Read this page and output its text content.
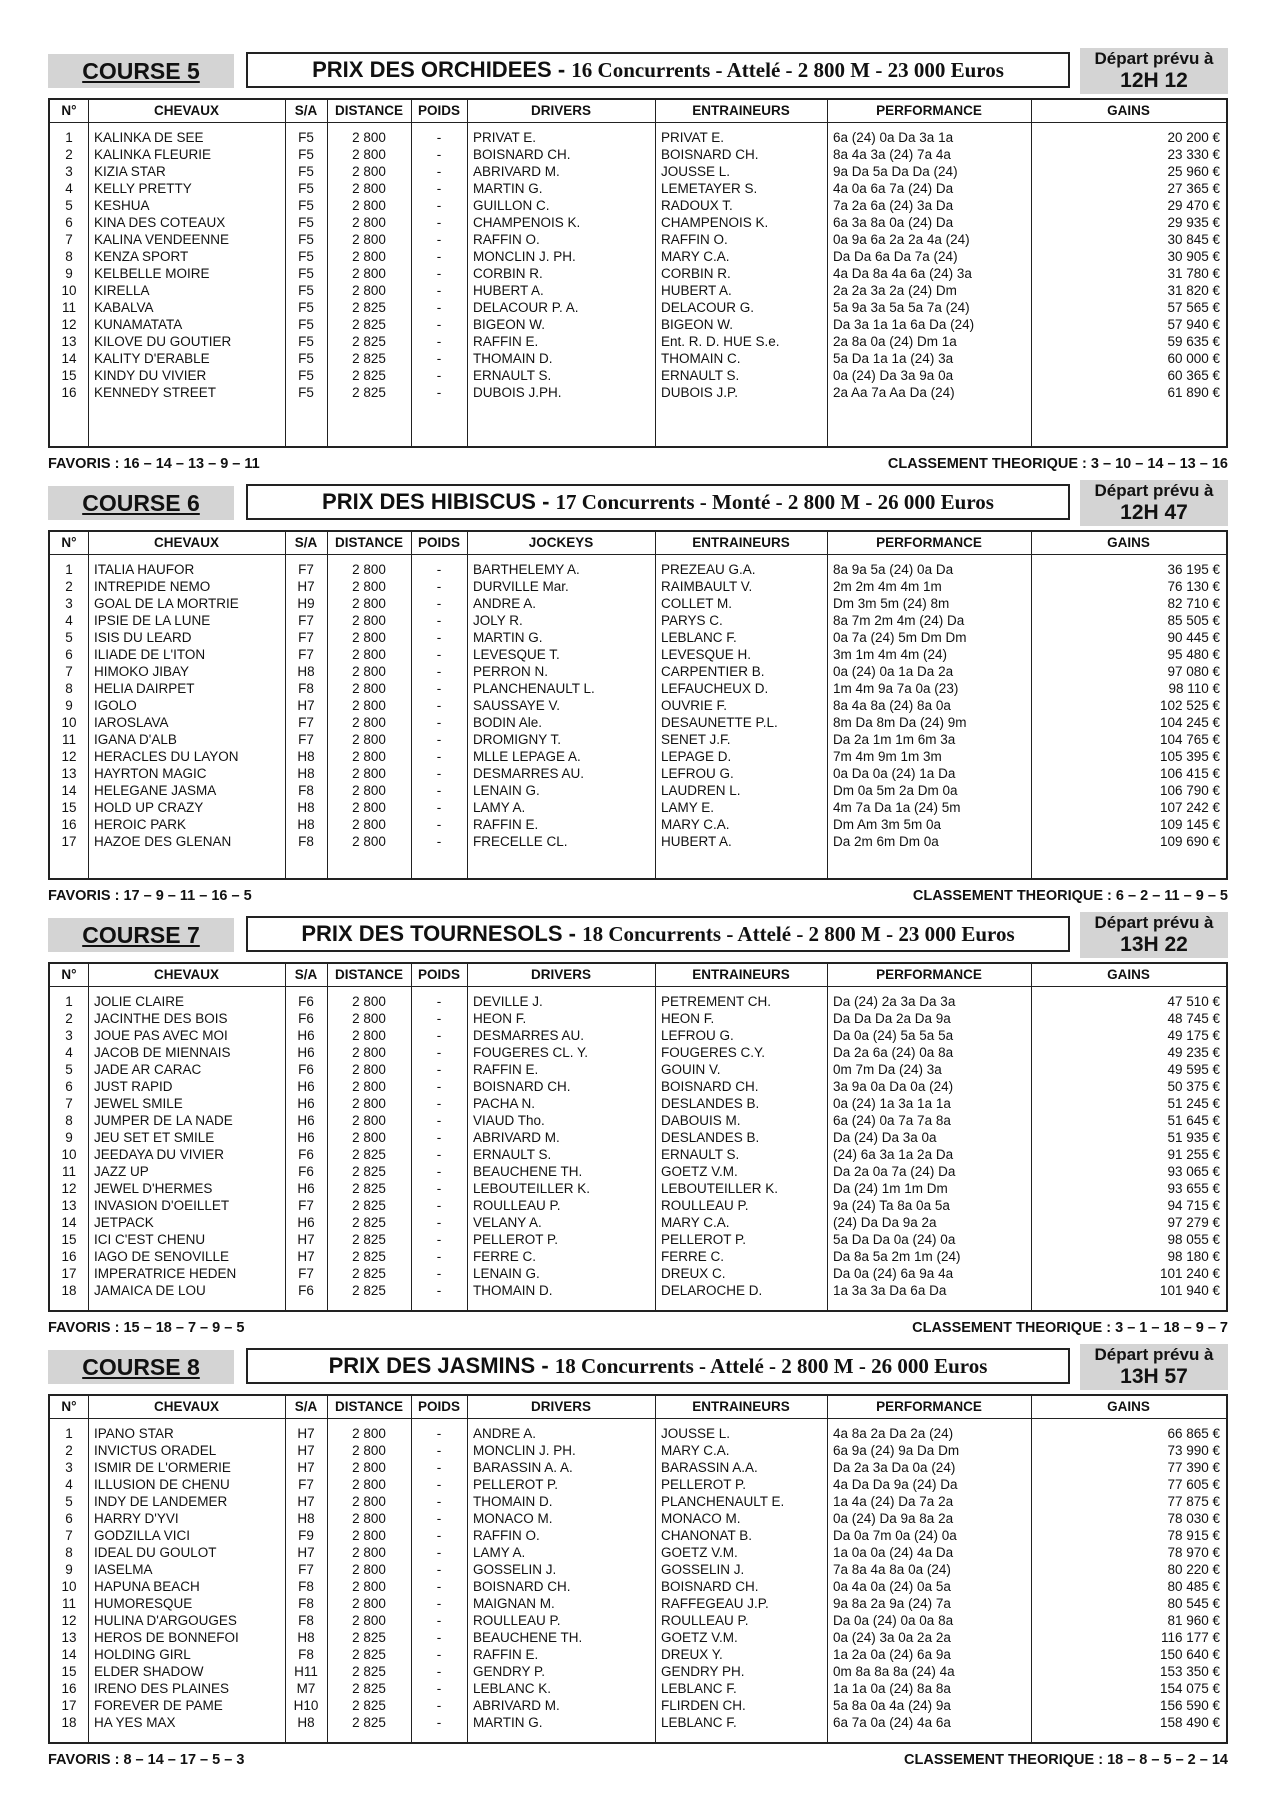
COURSE 5	PRIX DES ORCHIDEES - 16 Concurrents - Attelé - 2 800 M - 23 000 Euros	Départ prévu à
12H 12
N°	CHEVAUX	S/A	DISTANCE	POIDS	DRIVERS	ENTRAINEURS	PERFORMANCE	GAINS
1	KALINKA DE SEE	F5	2 800	-	PRIVAT E.	PRIVAT E.	6a (24) 0a Da 3a 1a	20 200 €
2	KALINKA FLEURIE	F5	2 800	-	BOISNARD CH.	BOISNARD CH.	8a 4a 3a (24) 7a 4a	23 330 €
3	KIZIA STAR	F5	2 800	-	ABRIVARD M.	JOUSSE L.	9a Da 5a Da Da (24)	25 960 €
4	KELLY PRETTY	F5	2 800	-	MARTIN G.	LEMETAYER S.	4a 0a 6a 7a (24) Da	27 365 €
5	KESHUA	F5	2 800	-	GUILLON C.	RADOUX T.	7a 2a 6a (24) 3a Da	29 470 €
6	KINA DES COTEAUX	F5	2 800	-	CHAMPENOIS K.	CHAMPENOIS K.	6a 3a 8a 0a (24) Da	29 935 €
7	KALINA VENDEENNE	F5	2 800	-	RAFFIN O.	RAFFIN O.	0a 9a 6a 2a 2a 4a (24)	30 845 €
8	KENZA SPORT	F5	2 800	-	MONCLIN J. PH.	MARY C.A.	Da Da 6a Da 7a (24)	30 905 €
9	KELBELLE MOIRE	F5	2 800	-	CORBIN R.	CORBIN R.	4a Da 8a 4a 6a (24) 3a	31 780 €
10	KIRELLA	F5	2 800	-	HUBERT A.	HUBERT A.	2a 2a 3a 2a (24) Dm	31 820 €
11	KABALVA	F5	2 825	-	DELACOUR P. A.	DELACOUR G.	5a 9a 3a 5a 5a 7a (24)	57 565 €
12	KUNAMATATA	F5	2 825	-	BIGEON W.	BIGEON W.	Da 3a 1a 1a 6a Da (24)	57 940 €
13	KILOVE DU GOUTIER	F5	2 825	-	RAFFIN E.	Ent. R. D. HUE S.e.	2a 8a 0a (24) Dm 1a	59 635 €
14	KALITY D'ERABLE	F5	2 825	-	THOMAIN D.	THOMAIN C.	5a Da 1a 1a (24) 3a	60 000 €
15	KINDY DU VIVIER	F5	2 825	-	ERNAULT S.	ERNAULT S.	0a (24) Da 3a 9a 0a	60 365 €
16	KENNEDY STREET	F5	2 825	-	DUBOIS J.PH.	DUBOIS J.P.	2a Aa 7a Aa Da (24)	61 890 €
FAVORIS : 16 – 14 – 13 – 9 – 11	CLASSEMENT THEORIQUE : 3 – 10 – 14 – 13 – 16
COURSE 6	PRIX DES HIBISCUS - 17 Concurrents - Monté - 2 800 M - 26 000 Euros	Départ prévu à
12H 47
N°	CHEVAUX	S/A	DISTANCE	POIDS	JOCKEYS	ENTRAINEURS	PERFORMANCE	GAINS
1	ITALIA HAUFOR	F7	2 800	-	BARTHELEMY A.	PREZEAU G.A.	8a 9a 5a (24) 0a Da	36 195 €
2	INTREPIDE NEMO	H7	2 800	-	DURVILLE Mar.	RAIMBAULT V.	2m 2m 4m 4m 1m	76 130 €
3	GOAL DE LA MORTRIE	H9	2 800	-	ANDRE A.	COLLET M.	Dm 3m 5m (24) 8m	82 710 €
4	IPSIE DE LA LUNE	F7	2 800	-	JOLY R.	PARYS C.	8a 7m 2m 4m (24) Da	85 505 €
5	ISIS DU LEARD	F7	2 800	-	MARTIN G.	LEBLANC F.	0a 7a (24) 5m Dm Dm	90 445 €
6	ILIADE DE L'ITON	F7	2 800	-	LEVESQUE T.	LEVESQUE H.	3m 1m 4m 4m (24)	95 480 €
7	HIMOKO JIBAY	H8	2 800	-	PERRON N.	CARPENTIER B.	0a (24) 0a 1a Da 2a	97 080 €
8	HELIA DAIRPET	F8	2 800	-	PLANCHENAULT L.	LEFAUCHEUX D.	1m 4m 9a 7a 0a (23)	98 110 €
9	IGOLO	H7	2 800	-	SAUSSAYE V.	OUVRIE F.	8a 4a 8a (24) 8a 0a	102 525 €
10	IAROSLAVA	F7	2 800	-	BODIN Ale.	DESAUNETTE P.L.	8m Da 8m Da (24) 9m	104 245 €
11	IGANA D'ALB	F7	2 800	-	DROMIGNY T.	SENET J.F.	Da 2a 1m 1m 6m 3a	104 765 €
12	HERACLES DU LAYON	H8	2 800	-	MLLE LEPAGE A.	LEPAGE D.	7m 4m 9m 1m 3m	105 395 €
13	HAYRTON MAGIC	H8	2 800	-	DESMARRES AU.	LEFROU G.	0a Da 0a (24) 1a Da	106 415 €
14	HELEGANE JASMA	F8	2 800	-	LENAIN G.	LAUDREN L.	Dm 0a 5m 2a Dm 0a	106 790 €
15	HOLD UP CRAZY	H8	2 800	-	LAMY A.	LAMY E.	4m 7a Da 1a (24) 5m	107 242 €
16	HEROIC PARK	H8	2 800	-	RAFFIN E.	MARY C.A.	Dm Am 3m 5m 0a	109 145 €
17	HAZOE DES GLENAN	F8	2 800	-	FRECELLE CL.	HUBERT A.	Da 2m 6m Dm 0a	109 690 €
FAVORIS : 17 – 9 – 11 – 16 – 5	CLASSEMENT THEORIQUE : 6 – 2 – 11 – 9 – 5
COURSE 7	PRIX DES TOURNESOLS - 18 Concurrents - Attelé - 2 800 M - 23 000 Euros	Départ prévu à
13H 22
N°	CHEVAUX	S/A	DISTANCE	POIDS	DRIVERS	ENTRAINEURS	PERFORMANCE	GAINS
1	JOLIE CLAIRE	F6	2 800	-	DEVILLE J.	PETREMENT CH.	Da (24) 2a 3a Da 3a	47 510 €
2	JACINTHE DES BOIS	F6	2 800	-	HEON F.	HEON F.	Da Da Da 2a Da 9a	48 745 €
3	JOUE PAS AVEC MOI	H6	2 800	-	DESMARRES AU.	LEFROU G.	Da 0a (24) 5a 5a 5a	49 175 €
4	JACOB DE MIENNAIS	H6	2 800	-	FOUGERES CL. Y.	FOUGERES C.Y.	Da 2a 6a (24) 0a 8a	49 235 €
5	JADE AR CARAC	F6	2 800	-	RAFFIN E.	GOUIN V.	0m 7m Da (24) 3a	49 595 €
6	JUST RAPID	H6	2 800	-	BOISNARD CH.	BOISNARD CH.	3a 9a 0a Da 0a (24)	50 375 €
7	JEWEL SMILE	H6	2 800	-	PACHA N.	DESLANDES B.	0a (24) 1a 3a 1a 1a	51 245 €
8	JUMPER DE LA NADE	H6	2 800	-	VIAUD Tho.	DABOUIS M.	6a (24) 0a 7a 7a 8a	51 645 €
9	JEU SET ET SMILE	H6	2 800	-	ABRIVARD M.	DESLANDES B.	Da (24) Da 3a 0a	51 935 €
10	JEEDAYA DU VIVIER	F6	2 825	-	ERNAULT S.	ERNAULT S.	(24) 6a 3a 1a 2a Da	91 255 €
11	JAZZ UP	F6	2 825	-	BEAUCHENE TH.	GOETZ V.M.	Da 2a 0a 7a (24) Da	93 065 €
12	JEWEL D'HERMES	H6	2 825	-	LEBOUTEILLER K.	LEBOUTEILLER K.	Da (24) 1m 1m Dm	93 655 €
13	INVASION D'OEILLET	F7	2 825	-	ROULLEAU P.	ROULLEAU P.	9a (24) Ta 8a 0a 5a	94 715 €
14	JETPACK	H6	2 825	-	VELANY A.	MARY C.A.	(24) Da Da 9a 2a	97 279 €
15	ICI C'EST CHENU	H7	2 825	-	PELLEROT P.	PELLEROT P.	5a Da Da 0a (24) 0a	98 055 €
16	IAGO DE SENOVILLE	H7	2 825	-	FERRE C.	FERRE C.	Da 8a 5a 2m 1m (24)	98 180 €
17	IMPERATRICE HEDEN	F7	2 825	-	LENAIN G.	DREUX C.	Da 0a (24) 6a 9a 4a	101 240 €
18	JAMAICA DE LOU	F6	2 825	-	THOMAIN D.	DELAROCHE D.	1a 3a 3a Da 6a Da	101 940 €
FAVORIS : 15 – 18 – 7 – 9 – 5	CLASSEMENT THEORIQUE : 3 – 1 – 18 – 9 – 7
COURSE 8	PRIX DES JASMINS - 18 Concurrents - Attelé - 2 800 M - 26 000 Euros	Départ prévu à
13H 57
N°	CHEVAUX	S/A	DISTANCE	POIDS	DRIVERS	ENTRAINEURS	PERFORMANCE	GAINS
1	IPANO STAR	H7	2 800	-	ANDRE A.	JOUSSE L.	4a 8a 2a Da 2a (24)	66 865 €
2	INVICTUS ORADEL	H7	2 800	-	MONCLIN J. PH.	MARY C.A.	6a 9a (24) 9a Da Dm	73 990 €
3	ISMIR DE L'ORMERIE	H7	2 800	-	BARASSIN A. A.	BARASSIN A.A.	Da 2a 3a Da 0a (24)	77 390 €
4	ILLUSION DE CHENU	F7	2 800	-	PELLEROT P.	PELLEROT P.	4a Da Da 9a (24) Da	77 605 €
5	INDY DE LANDEMER	H7	2 800	-	THOMAIN D.	PLANCHENAULT E.	1a 4a (24) Da 7a 2a	77 875 €
6	HARRY D'YVI	H8	2 800	-	MONACO M.	MONACO M.	0a (24) Da 9a 8a 2a	78 030 €
7	GODZILLA VICI	F9	2 800	-	RAFFIN O.	CHANONAT B.	Da 0a 7m 0a (24) 0a	78 915 €
8	IDEAL DU GOULOT	H7	2 800	-	LAMY A.	GOETZ V.M.	1a 0a 0a (24) 4a Da	78 970 €
9	IASELMA	F7	2 800	-	GOSSELIN J.	GOSSELIN J.	7a 8a 4a 8a 0a (24)	80 220 €
10	HAPUNA BEACH	F8	2 800	-	BOISNARD CH.	BOISNARD CH.	0a 4a 0a (24) 0a 5a	80 485 €
11	HUMORESQUE	F8	2 800	-	MAIGNAN M.	RAFFEGEAU J.P.	9a 8a 2a 9a (24) 7a	80 545 €
12	HULINA D'ARGOUGES	F8	2 800	-	ROULLEAU P.	ROULLEAU P.	Da 0a (24) 0a 0a 8a	81 960 €
13	HEROS DE BONNEFOI	H8	2 825	-	BEAUCHENE TH.	GOETZ V.M.	0a (24) 3a 0a 2a 2a	116 177 €
14	HOLDING GIRL	F8	2 825	-	RAFFIN E.	DREUX Y.	1a 2a 0a (24) 6a 9a	150 640 €
15	ELDER SHADOW	H11	2 825	-	GENDRY P.	GENDRY PH.	0m 8a 8a 8a (24) 4a	153 350 €
16	IRENO DES PLAINES	M7	2 825	-	LEBLANC K.	LEBLANC F.	1a 1a 0a (24) 8a 8a	154 075 €
17	FOREVER DE PAME	H10	2 825	-	ABRIVARD M.	FLIRDEN CH.	5a 8a 0a 4a (24) 9a	156 590 €
18	HA YES MAX	H8	2 825	-	MARTIN G.	LEBLANC F.	6a 7a 0a (24) 4a 6a	158 490 €
FAVORIS : 8 – 14 – 17 – 5 – 3	CLASSEMENT THEORIQUE : 18 – 8 – 5 – 2 – 14
